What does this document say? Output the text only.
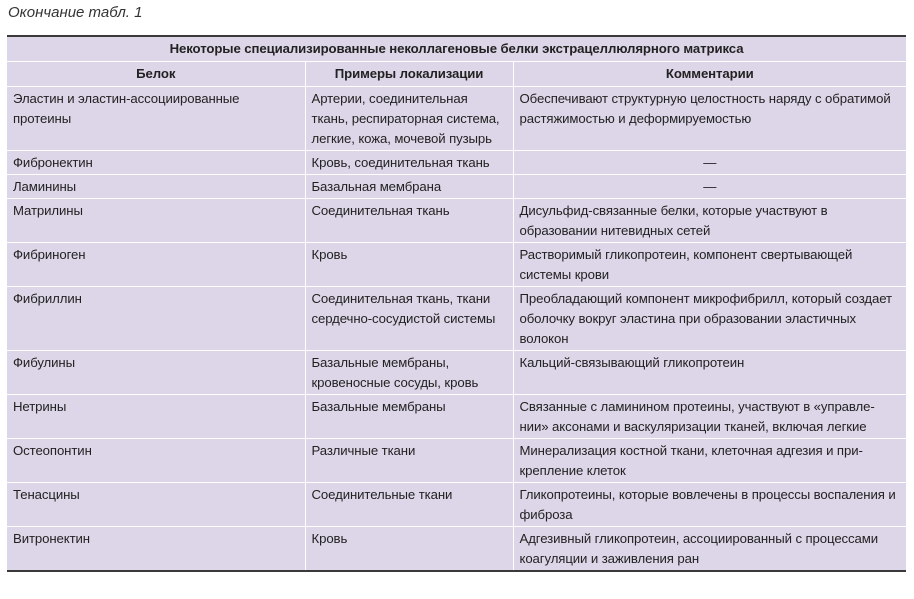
Окончание табл. 1
Некоторые специализированные неколлагеновые белки экстрацеллюлярного матрикса		
Белок	Примеры локализации	Комментарии
Эластин и эластин-ассоциированные протеины	Артерии, соединительная ткань, респираторная система, легкие, кожа, мочевой пузырь	Обеспечивают структурную целостность наряду с обратимой растяжимостью и деформируемостью
Фибронектин	Кровь, соединительная ткань	—
Ламинины	Базальная мембрана	—
Матрилины	Соединительная ткань	Дисульфид-связанные белки, которые участвуют в образовании нитевидных сетей
Фибриноген	Кровь	Растворимый гликопротеин, компонент свертывающей системы крови
Фибриллин	Соединительная ткань, ткани сердечно-сосудистой системы	Преобладающий компонент микрофибрилл, который создает оболочку вокруг эластина при образовании эластичных волокон
Фибулины	Базальные мембраны, кровеносные сосуды, кровь	Кальций-связывающий гликопротеин
Нетрины	Базальные мембраны	Связанные с ламинином протеины, участвуют в «управле-нии» аксонами и васкуляризации тканей, включая легкие
Остеопонтин	Различные ткани	Минерализация костной ткани, клеточная адгезия и при-крепление клеток
Тенасцины	Соединительные ткани	Гликопротеины, которые вовлечены в процессы воспаления и фиброза
Витронектин	Кровь	Адгезивный гликопротеин, ассоциированный с процессами коагуляции и заживления ран
